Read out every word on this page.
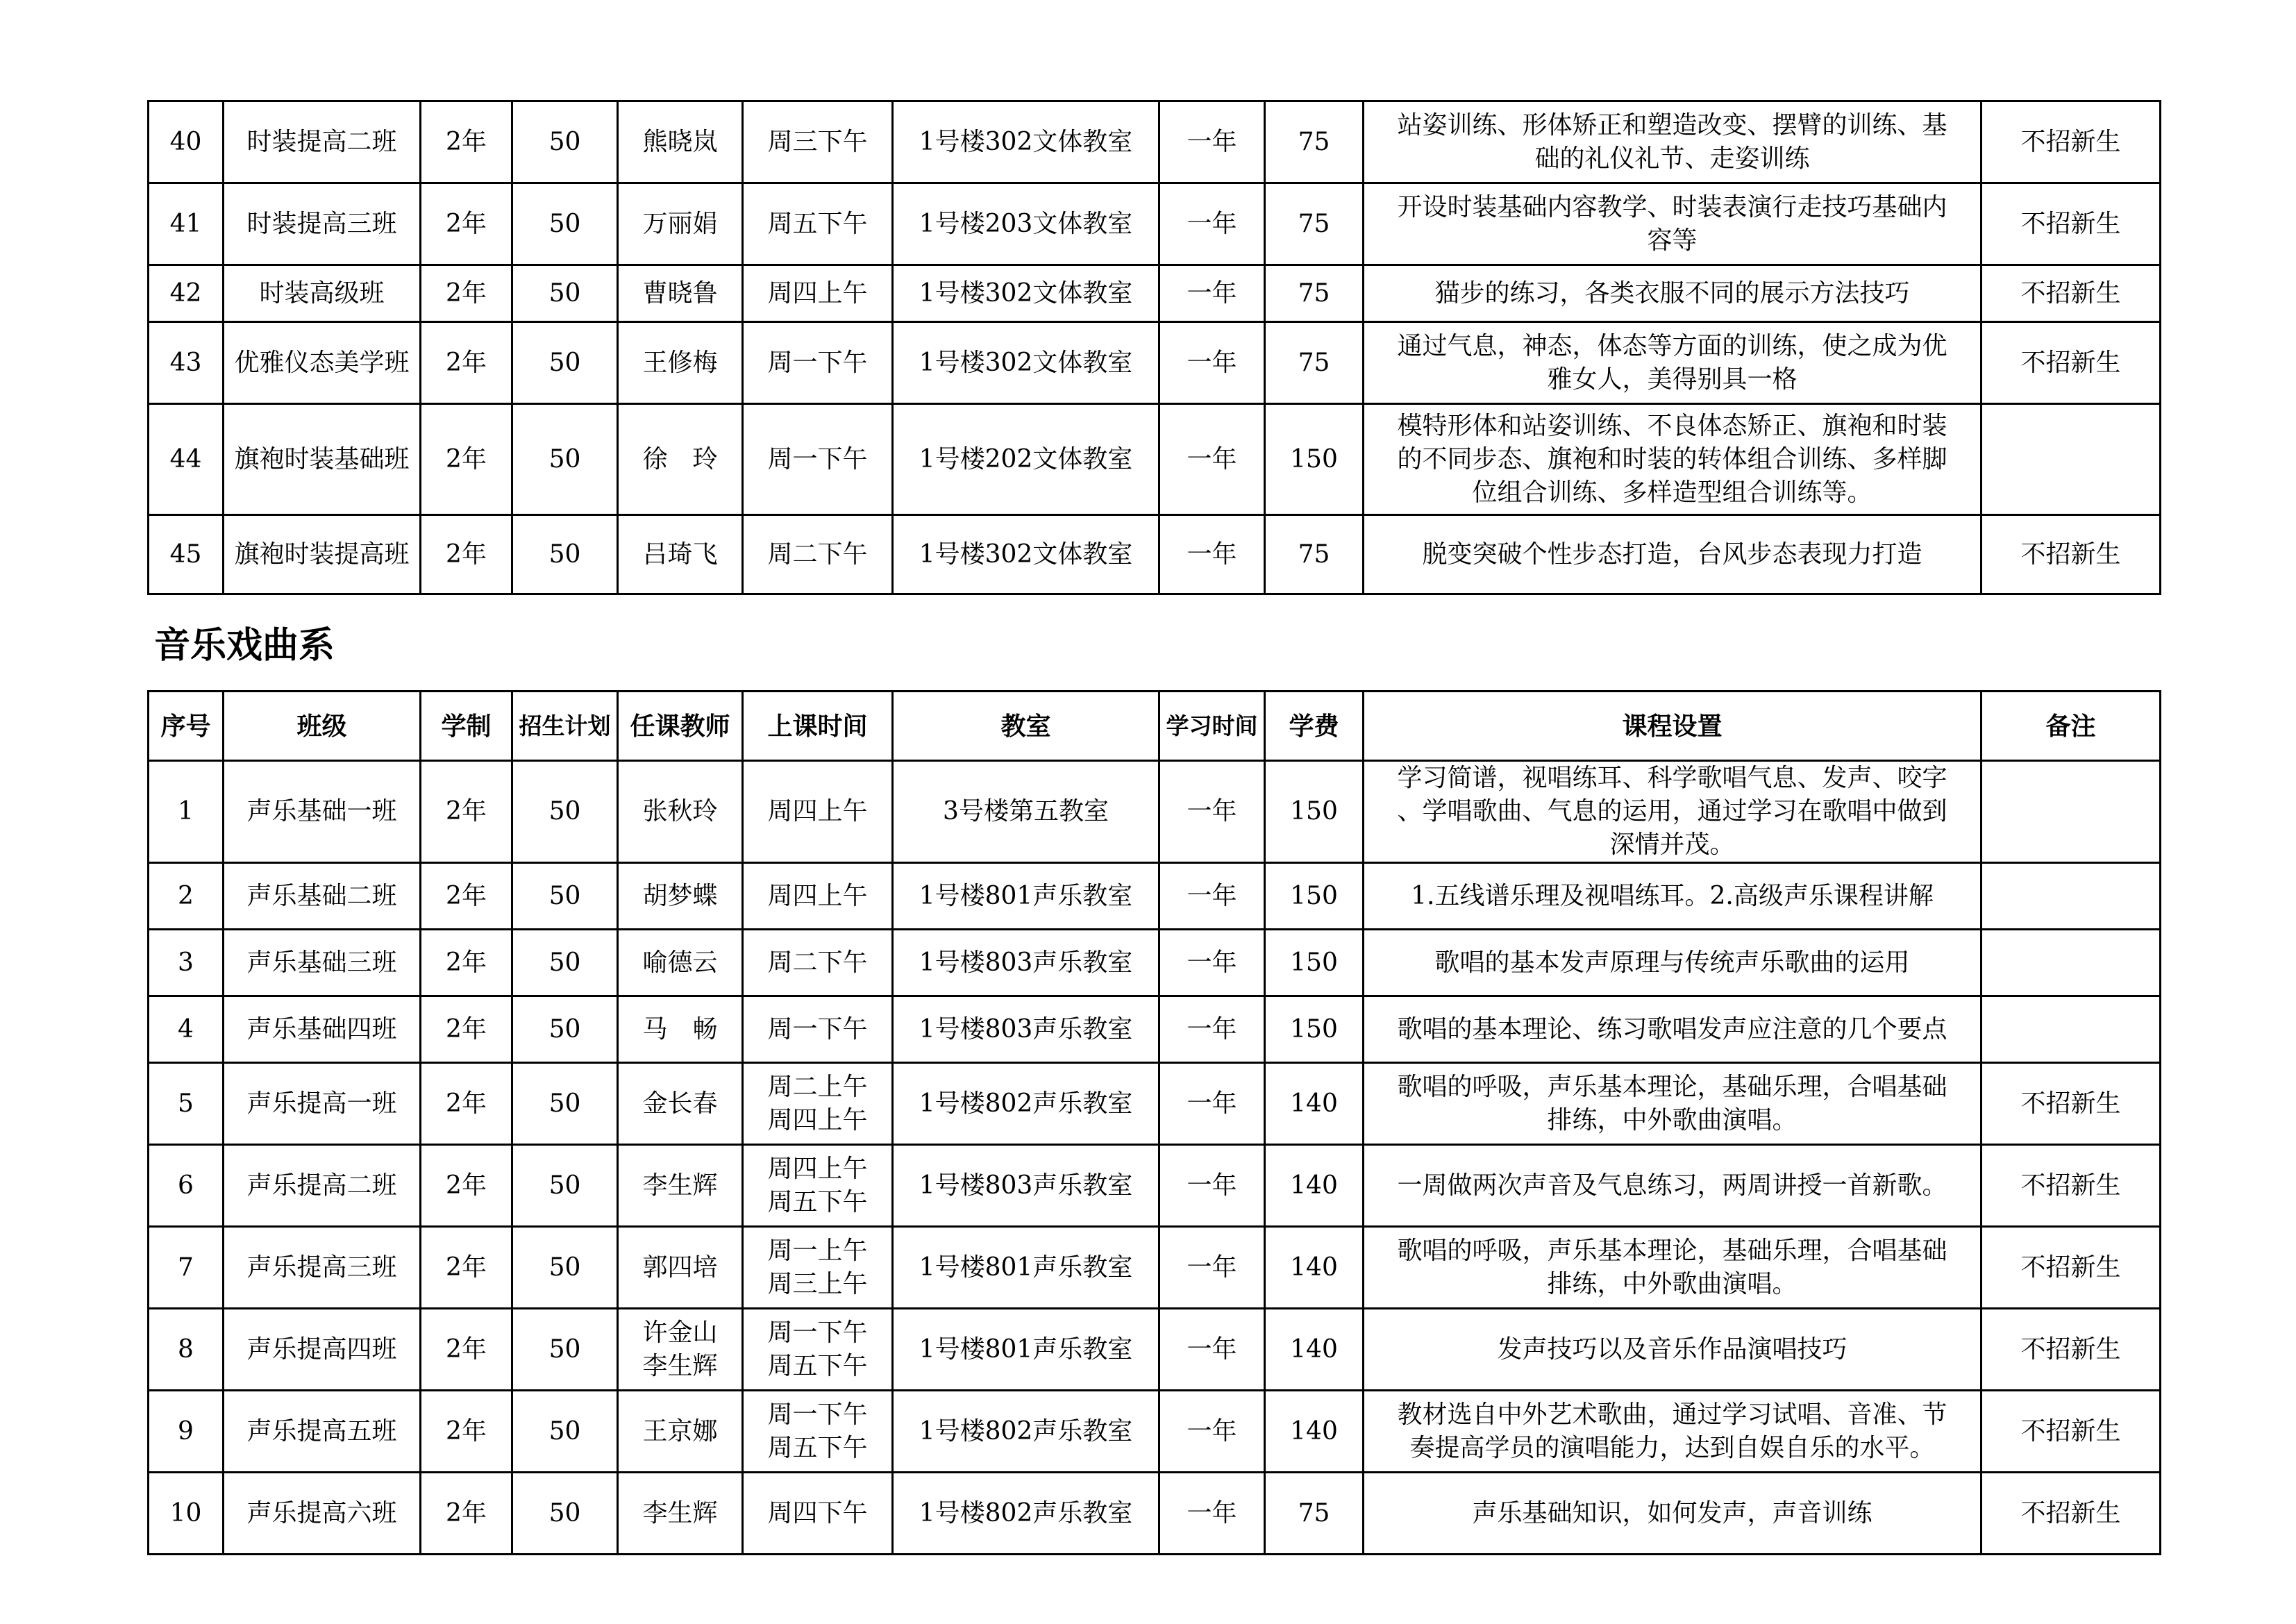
40	时装提高二班	2年	50	熊晓岚	周三下午	1号楼302文体教室	一年	75	站姿训练、形体矫正和塑造改变、摆臂的训练、基
础的礼仪礼节、走姿训练	不招新生
41	时装提高三班	2年	50	万丽娟	周五下午	1号楼203文体教室	一年	75	开设时装基础内容教学、时装表演行走技巧基础内
容等	不招新生
42	时装高级班	2年	50	曹晓鲁	周四上午	1号楼302文体教室	一年	75	猫步的练习，各类衣服不同的展示方法技巧	不招新生
43	优雅仪态美学班	2年	50	王修梅	周一下午	1号楼302文体教室	一年	75	通过气息，神态，体态等方面的训练，使之成为优
雅女人，美得别具一格	不招新生
44	旗袍时装基础班	2年	50	徐　玲	周一下午	1号楼202文体教室	一年	150	模特形体和站姿训练、不良体态矫正、旗袍和时装
的不同步态、旗袍和时装的转体组合训练、多样脚
位组合训练、多样造型组合训练等。	

45	旗袍时装提高班	2年	50	吕琦飞	周二下午	1号楼302文体教室	一年	75	脱变突破个性步态打造，台风步态表现力打造	不招新生
音乐戏曲系
序号	班级	学制	招生计划	任课教师	上课时间	教室	学习时间	学费	课程设置	备注
1	声乐基础一班	2年	50	张秋玲	周四上午	3号楼第五教室	一年	150	学习简谱，视唱练耳、科学歌唱气息、发声、咬字
、学唱歌曲、气息的运用，通过学习在歌唱中做到
深情并茂。	

2	声乐基础二班	2年	50	胡梦蝶	周四上午	1号楼801声乐教室	一年	150	1.五线谱乐理及视唱练耳。2.高级声乐课程讲解	

3	声乐基础三班	2年	50	喻德云	周二下午	1号楼803声乐教室	一年	150	歌唱的基本发声原理与传统声乐歌曲的运用	

4	声乐基础四班	2年	50	马　畅	周一下午	1号楼803声乐教室	一年	150	歌唱的基本理论、练习歌唱发声应注意的几个要点	

5	声乐提高一班	2年	50	金长春	周二上午
周四上午	1号楼802声乐教室	一年	140	歌唱的呼吸，声乐基本理论，基础乐理，合唱基础
排练，中外歌曲演唱。	不招新生
6	声乐提高二班	2年	50	李生辉	周四上午
周五下午	1号楼803声乐教室	一年	140	一周做两次声音及气息练习，两周讲授一首新歌。	不招新生
7	声乐提高三班	2年	50	郭四培	周一上午
周三上午	1号楼801声乐教室	一年	140	歌唱的呼吸，声乐基本理论，基础乐理，合唱基础
排练，中外歌曲演唱。	不招新生
8	声乐提高四班	2年	50	许金山
李生辉	周一下午
周五下午	1号楼801声乐教室	一年	140	发声技巧以及音乐作品演唱技巧	不招新生
9	声乐提高五班	2年	50	王京娜	周一下午
周五下午	1号楼802声乐教室	一年	140	教材选自中外艺术歌曲，通过学习试唱、音准、节
奏提高学员的演唱能力，达到自娱自乐的水平。	不招新生
10	声乐提高六班	2年	50	李生辉	周四下午	1号楼802声乐教室	一年	75	声乐基础知识，如何发声，声音训练	不招新生
